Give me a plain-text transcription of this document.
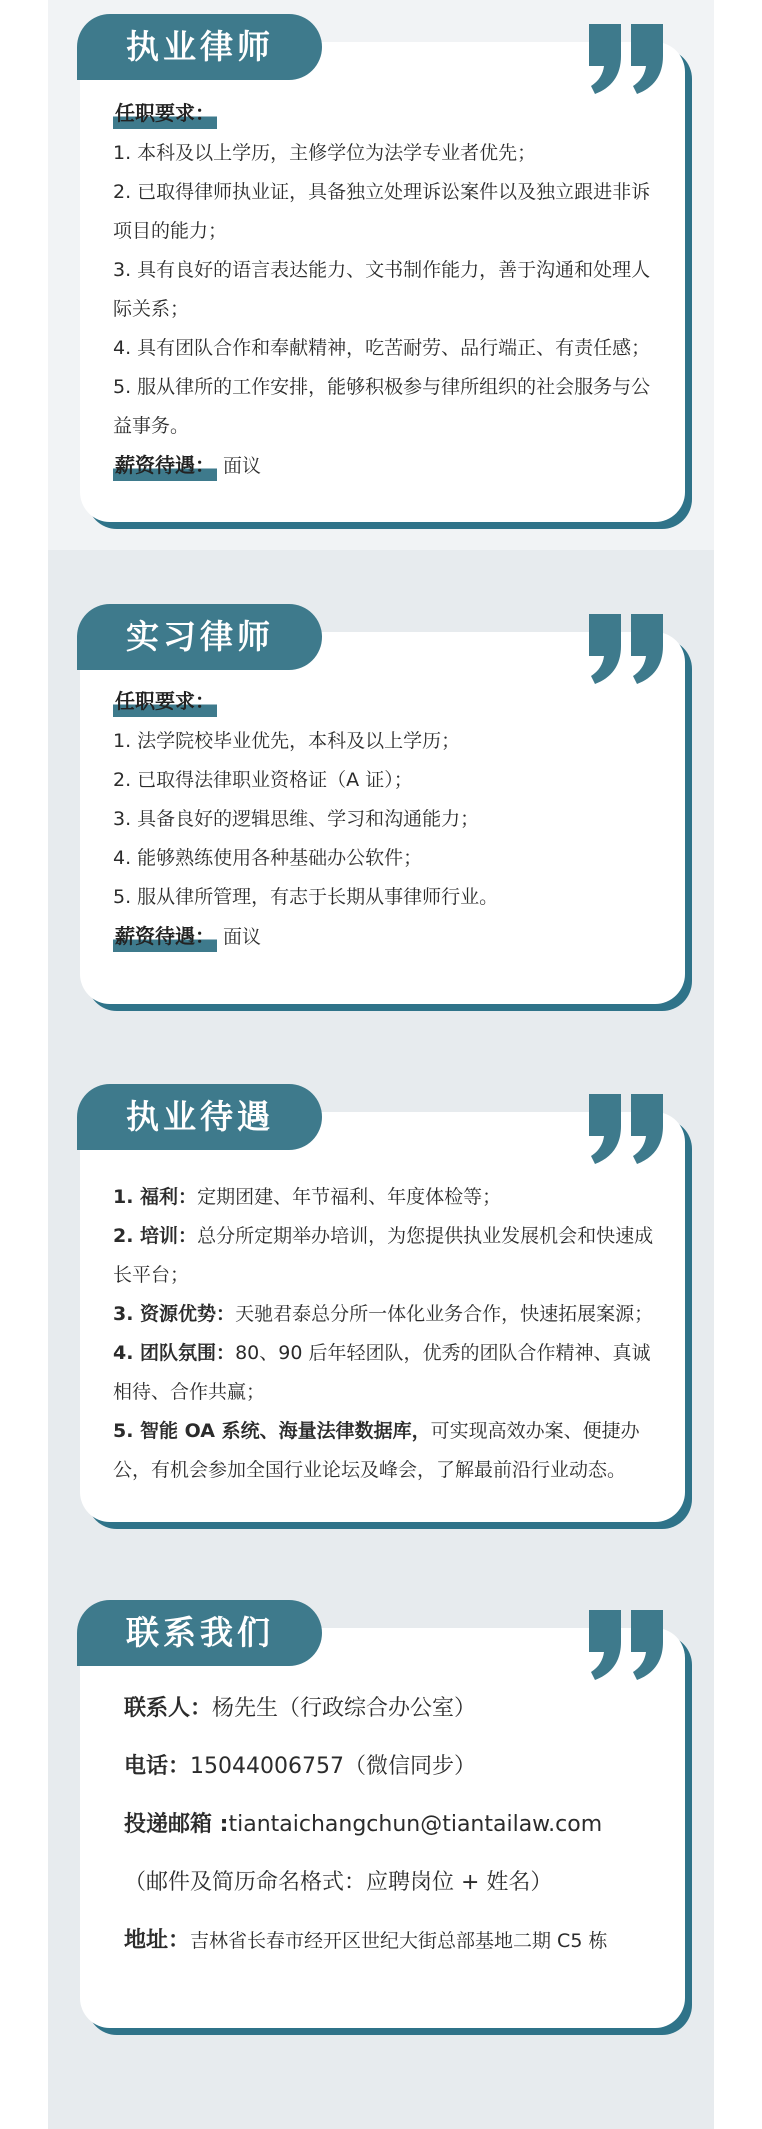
执业律师
任职要求：
1. 本科及以上学历，主修学位为法学专业者优先；
2. 已取得律师执业证，具备独立处理诉讼案件以及独立跟进非诉项目的能力；
3. 具有良好的语言表达能力、文书制作能力，善于沟通和处理人际关系；
4. 具有团队合作和奉献精神，吃苦耐劳、品行端正、有责任感；
5. 服从律所的工作安排，能够积极参与律所组织的社会服务与公益事务。
薪资待遇： 面议
实习律师
任职要求：
1. 法学院校毕业优先，本科及以上学历；
2. 已取得法律职业资格证（A 证）；
3. 具备良好的逻辑思维、学习和沟通能力；
4. 能够熟练使用各种基础办公软件；
5. 服从律所管理，有志于长期从事律师行业。
薪资待遇： 面议
执业待遇
1. 福利：定期团建、年节福利、年度体检等；
2. 培训：总分所定期举办培训，为您提供执业发展机会和快速成长平台；
3. 资源优势：天驰君泰总分所一体化业务合作，快速拓展案源；
4. 团队氛围：80、90 后年轻团队，优秀的团队合作精神、真诚相待、合作共赢；
5. 智能 OA 系统、海量法律数据库，可实现高效办案、便捷办公，有机会参加全国行业论坛及峰会，了解最前沿行业动态。
联系我们
联系人：杨先生（行政综合办公室）
电话：15044006757（微信同步）
投递邮箱 :tiantaichangchun@tiantailaw.com
（邮件及简历命名格式：应聘岗位 + 姓名）
地址：吉林省长春市经开区世纪大街总部基地二期 C5 栋
